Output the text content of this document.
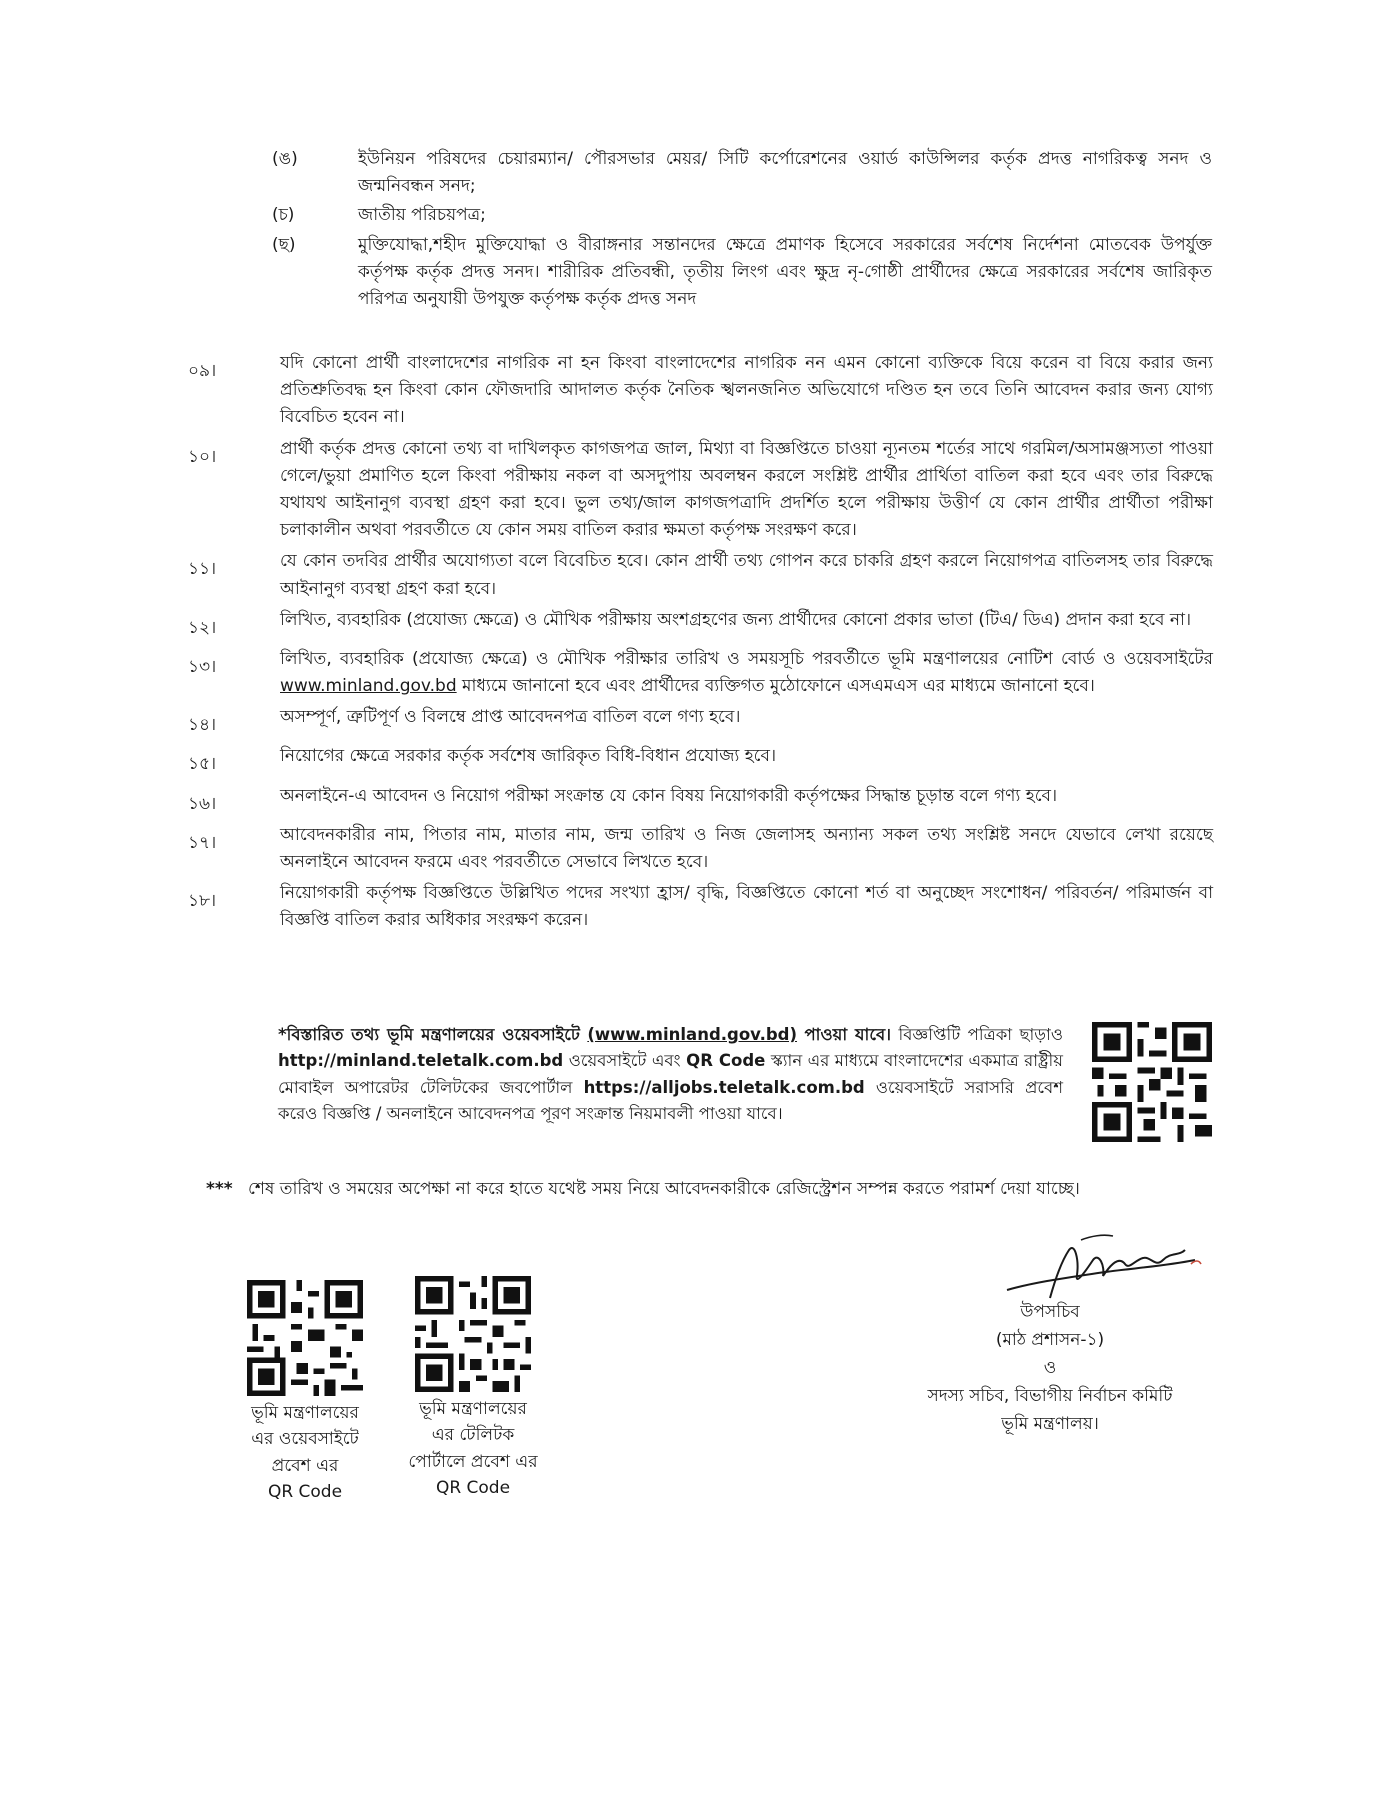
(ঙ)	ইউনিয়ন পরিষদের চেয়ারম্যান/ পৌরসভার মেয়র/ সিটি কর্পোরেশনের ওয়ার্ড কাউন্সিলর কর্তৃক প্রদত্ত নাগরিকত্ব সনদ ও জন্মনিবন্ধন সনদ;
(চ)	জাতীয় পরিচয়পত্র;
(ছ)	মুক্তিযোদ্ধা,শহীদ মুক্তিযোদ্ধা ও বীরাঙ্গনার সন্তানদের ক্ষেত্রে প্রমাণক হিসেবে সরকারের সর্বশেষ নির্দেশনা মোতবেক উপর্যুক্ত কর্তৃপক্ষ কর্তৃক প্রদত্ত সনদ। শারীরিক প্রতিবন্ধী, তৃতীয় লিংগ এবং ক্ষুদ্র নৃ-গোষ্ঠী প্রার্থীদের ক্ষেত্রে সরকারের সর্বশেষ জারিকৃত পরিপত্র অনুযায়ী উপযুক্ত কর্তৃপক্ষ কর্তৃক প্রদত্ত সনদ
০৯।	যদি কোনো প্রার্থী বাংলাদেশের নাগরিক না হন কিংবা বাংলাদেশের নাগরিক নন এমন কোনো ব্যক্তিকে বিয়ে করেন বা বিয়ে করার জন্য প্রতিশ্রুতিবদ্ধ হন কিংবা কোন ফৌজদারি আদালত কর্তৃক নৈতিক স্খলনজনিত অভিযোগে দণ্ডিত হন তবে তিনি আবেদন করার জন্য যোগ্য বিবেচিত হবেন না।
১০।	প্রার্থী কর্তৃক প্রদত্ত কোনো তথ্য বা দাখিলকৃত কাগজপত্র জাল, মিথ্যা বা বিজ্ঞপ্তিতে চাওয়া ন্যূনতম শর্তের সাথে গরমিল/অসামঞ্জস্যতা পাওয়া গেলে/ভুয়া প্রমাণিত হলে কিংবা পরীক্ষায় নকল বা অসদুপায় অবলম্বন করলে সংশ্লিষ্ট প্রার্থীর প্রার্থিতা বাতিল করা হবে এবং তার বিরুদ্ধে যথাযথ আইনানুগ ব্যবস্থা গ্রহণ করা হবে। ভুল তথ্য/জাল কাগজপত্রাদি প্রদর্শিত হলে পরীক্ষায় উত্তীর্ণ যে কোন প্রার্থীর প্রার্থীতা পরীক্ষা চলাকালীন অথবা পরবর্তীতে যে কোন সময় বাতিল করার ক্ষমতা কর্তৃপক্ষ সংরক্ষণ করে।
১১।	যে কোন তদবির প্রার্থীর অযোগ্যতা বলে বিবেচিত হবে। কোন প্রার্থী তথ্য গোপন করে চাকরি গ্রহণ করলে নিয়োগপত্র বাতিলসহ তার বিরুদ্ধে আইনানুগ ব্যবস্থা গ্রহণ করা হবে।
১২।	লিখিত, ব্যবহারিক (প্রযোজ্য ক্ষেত্রে) ও মৌখিক পরীক্ষায় অংশগ্রহণের জন্য প্রার্থীদের কোনো প্রকার ভাতা (টিএ/ ডিএ) প্রদান করা হবে না।
১৩।	লিখিত, ব্যবহারিক (প্রযোজ্য ক্ষেত্রে) ও মৌখিক পরীক্ষার তারিখ ও সময়সূচি পরবর্তীতে ভূমি মন্ত্রণালয়ের নোটিশ বোর্ড ও ওয়েবসাইটের www.minland.gov.bd মাধ্যমে জানানো হবে এবং প্রার্থীদের ব্যক্তিগত মুঠোফোনে এসএমএস এর মাধ্যমে জানানো হবে।
১৪।	অসম্পূর্ণ, ত্রুটিপূর্ণ ও বিলম্বে প্রাপ্ত আবেদনপত্র বাতিল বলে গণ্য হবে।
১৫।	নিয়োগের ক্ষেত্রে সরকার কর্তৃক সর্বশেষ জারিকৃত বিধি-বিধান প্রযোজ্য হবে।
১৬।	অনলাইনে-এ আবেদন ও নিয়োগ পরীক্ষা সংক্রান্ত যে কোন বিষয় নিয়োগকারী কর্তৃপক্ষের সিদ্ধান্ত চূড়ান্ত বলে গণ্য হবে।
১৭।	আবেদনকারীর নাম, পিতার নাম, মাতার নাম, জন্ম তারিখ ও নিজ জেলাসহ অন্যান্য সকল তথ্য সংশ্লিষ্ট সনদে যেভাবে লেখা রয়েছে অনলাইনে আবেদন ফরমে এবং পরবর্তীতে সেভাবে লিখতে হবে।
১৮।	নিয়োগকারী কর্তৃপক্ষ বিজ্ঞপ্তিতে উল্লিখিত পদের সংখ্যা হ্রাস/ বৃদ্ধি, বিজ্ঞপ্তিতে কোনো শর্ত বা অনুচ্ছেদ সংশোধন/ পরিবর্তন/ পরিমার্জন বা বিজ্ঞপ্তি বাতিল করার অধিকার সংরক্ষণ করেন।
*বিস্তারিত তথ্য ভূমি মন্ত্রণালয়ের ওয়েবসাইটে (www.minland.gov.bd) পাওয়া যাবে। বিজ্ঞপ্তিটি পত্রিকা ছাড়াও http://minland.teletalk.com.bd ওয়েবসাইটে এবং QR Code স্ক্যান এর মাধ্যমে বাংলাদেশের একমাত্র রাষ্ট্রীয় মোবাইল অপারেটর টেলিটকের জবপোর্টাল https://alljobs.teletalk.com.bd ওয়েবসাইটে সরাসরি প্রবেশ করেও বিজ্ঞপ্তি / অনলাইনে আবেদনপত্র পূরণ সংক্রান্ত নিয়মাবলী পাওয়া যাবে।
*** শেষ তারিখ ও সময়ের অপেক্ষা না করে হাতে যথেষ্ট সময় নিয়ে আবেদনকারীকে রেজিস্ট্রেশন সম্পন্ন করতে পরামর্শ দেয়া যাচ্ছে।
ভূমি মন্ত্রণালয়ের
এর ওয়েবসাইটে
প্রবেশ এর
QR Code
ভূমি মন্ত্রণালয়ের
এর টেলিটক
পোর্টালে প্রবেশ এর
QR Code
উপসচিব
(মাঠ প্রশাসন-১)
ও
সদস্য সচিব, বিভাগীয় নির্বাচন কমিটি
ভূমি মন্ত্রণালয়।
